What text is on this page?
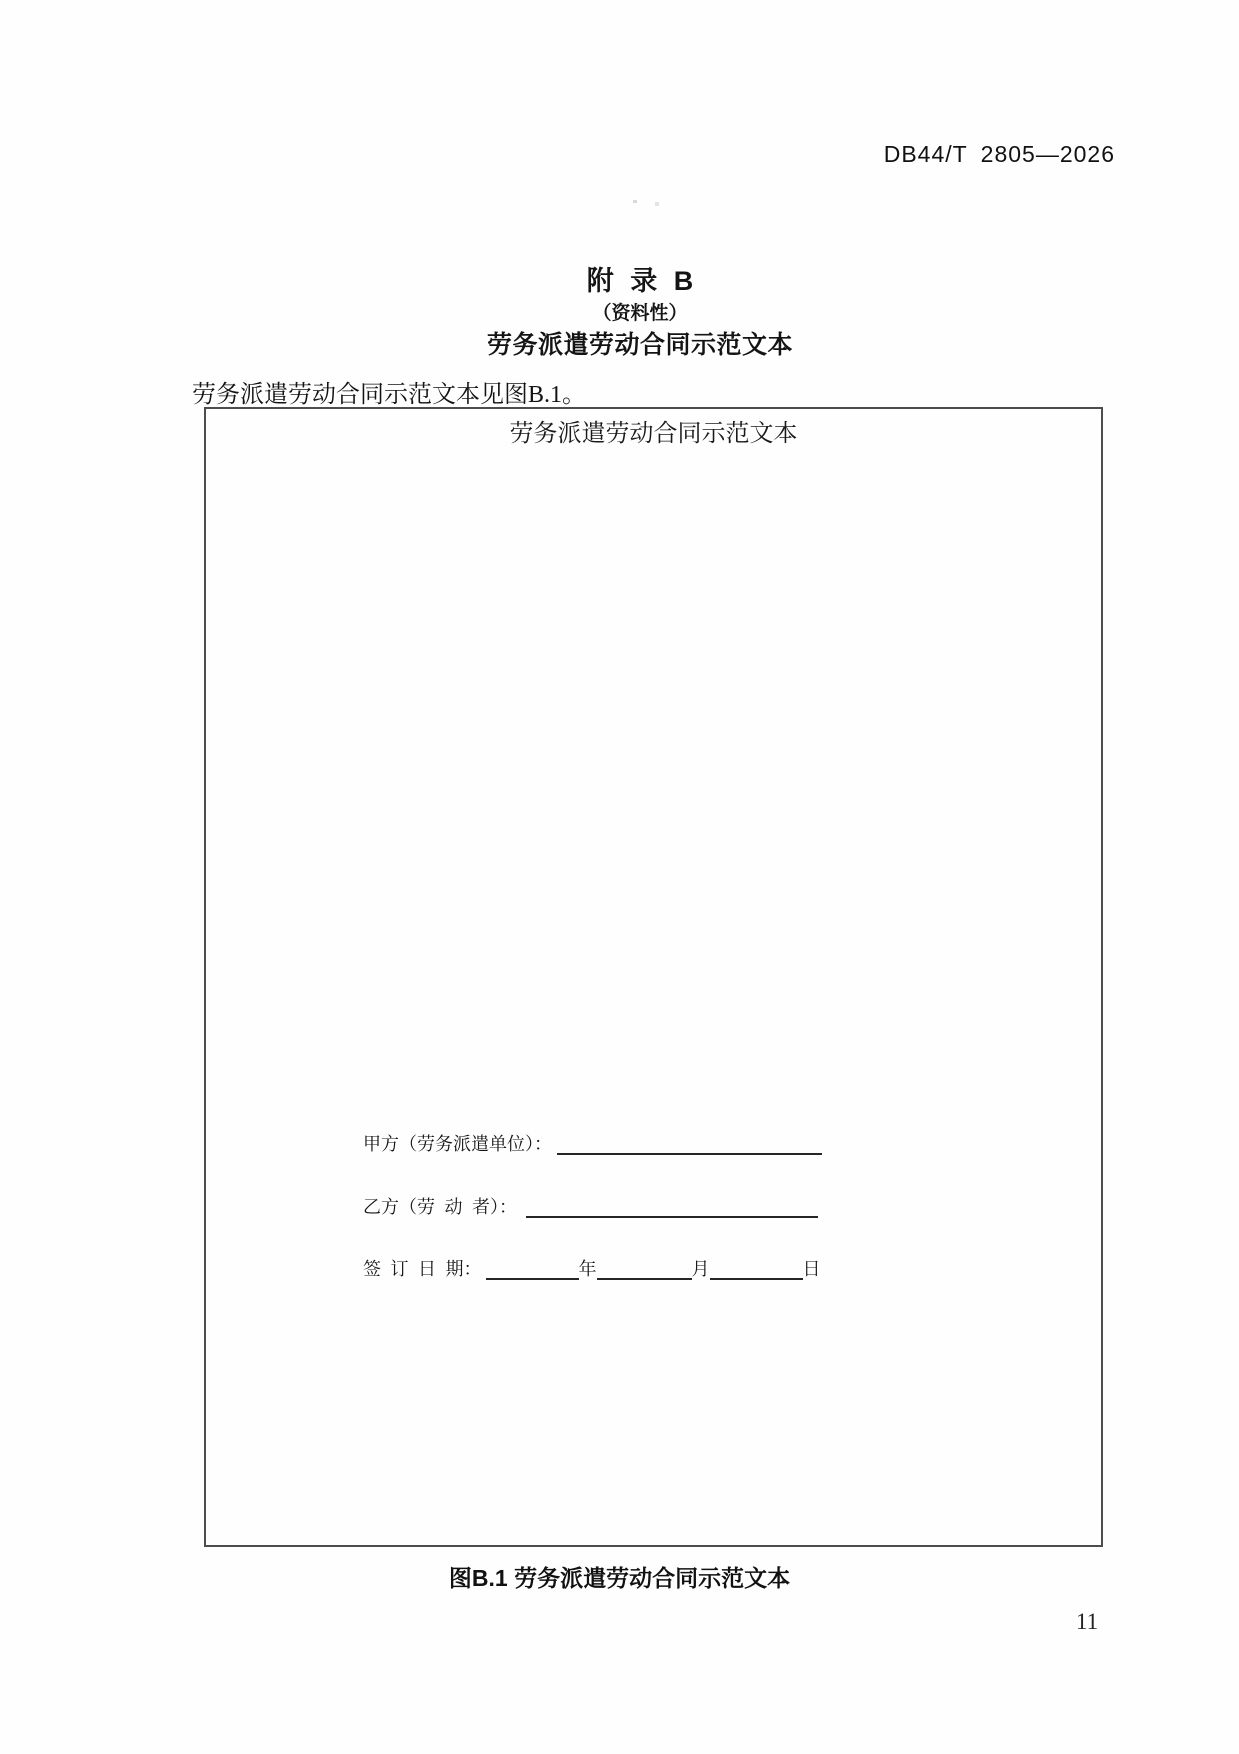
DB44/T 2805—2026
附 录 B
（资料性）
劳务派遣劳动合同示范文本
劳务派遣劳动合同示范文本见图B.1。
劳务派遣劳动合同示范文本
甲方（劳务派遣单位）：
乙方（劳 动 者）：
签 订 日 期：	年	月	日
图B.1 劳务派遣劳动合同示范文本
11
